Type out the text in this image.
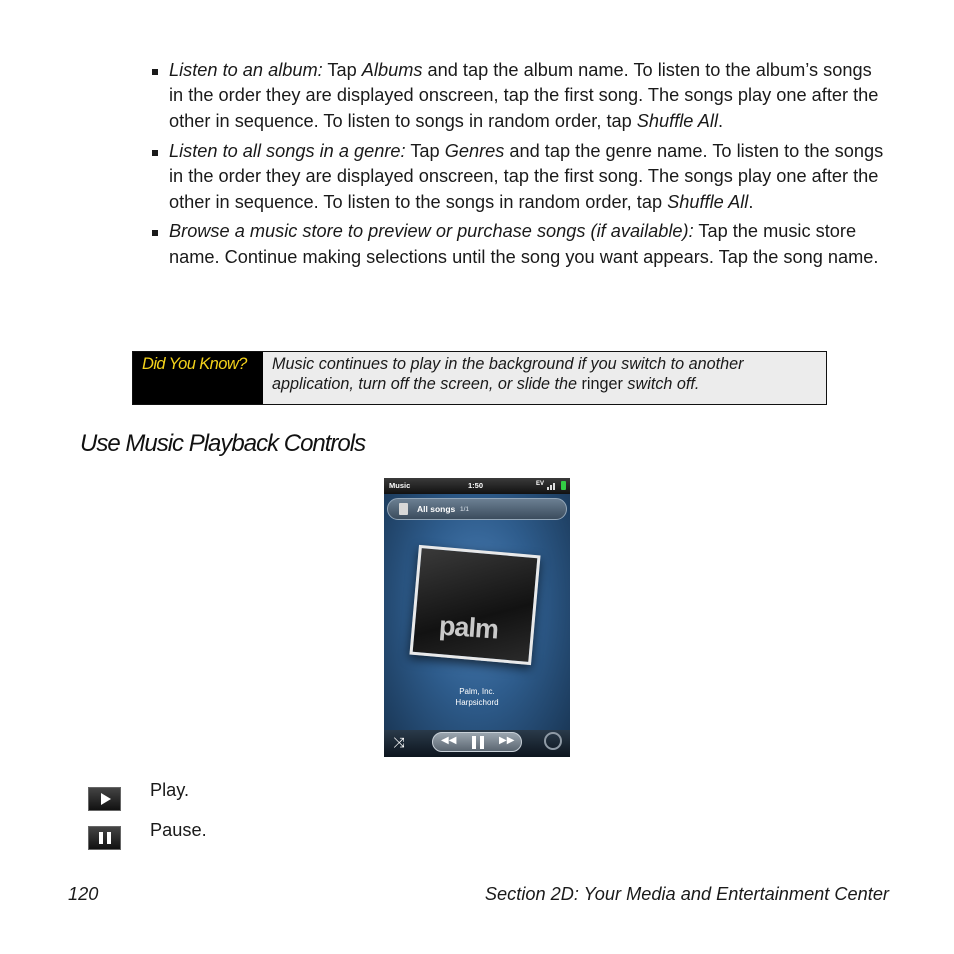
Listen to an album: Tap Albums and tap the album name. To listen to the album’s songs in the order they are displayed onscreen, tap the first song. The songs play one after the other in sequence. To listen to songs in random order, tap Shuffle All.
Listen to all songs in a genre: Tap Genres and tap the genre name. To listen to the songs in the order they are displayed onscreen, tap the first song. The songs play one after the other in sequence. To listen to the songs in random order, tap Shuffle All.
Browse a music store to preview or purchase songs (if available): Tap the music store name. Continue making selections until the song you want appears. Tap the song name.
Did You Know?	Music continues to play in the background if you switch to another application, turn off the screen, or slide the ringer switch off.
Use Music Playback Controls
Music	1:50	EV
All songs 1/1
palm
Palm, Inc.
Harpsichord
⤨	◀◀	▶▶
Play.
Pause.
120	Section 2D: Your Media and Entertainment Center
